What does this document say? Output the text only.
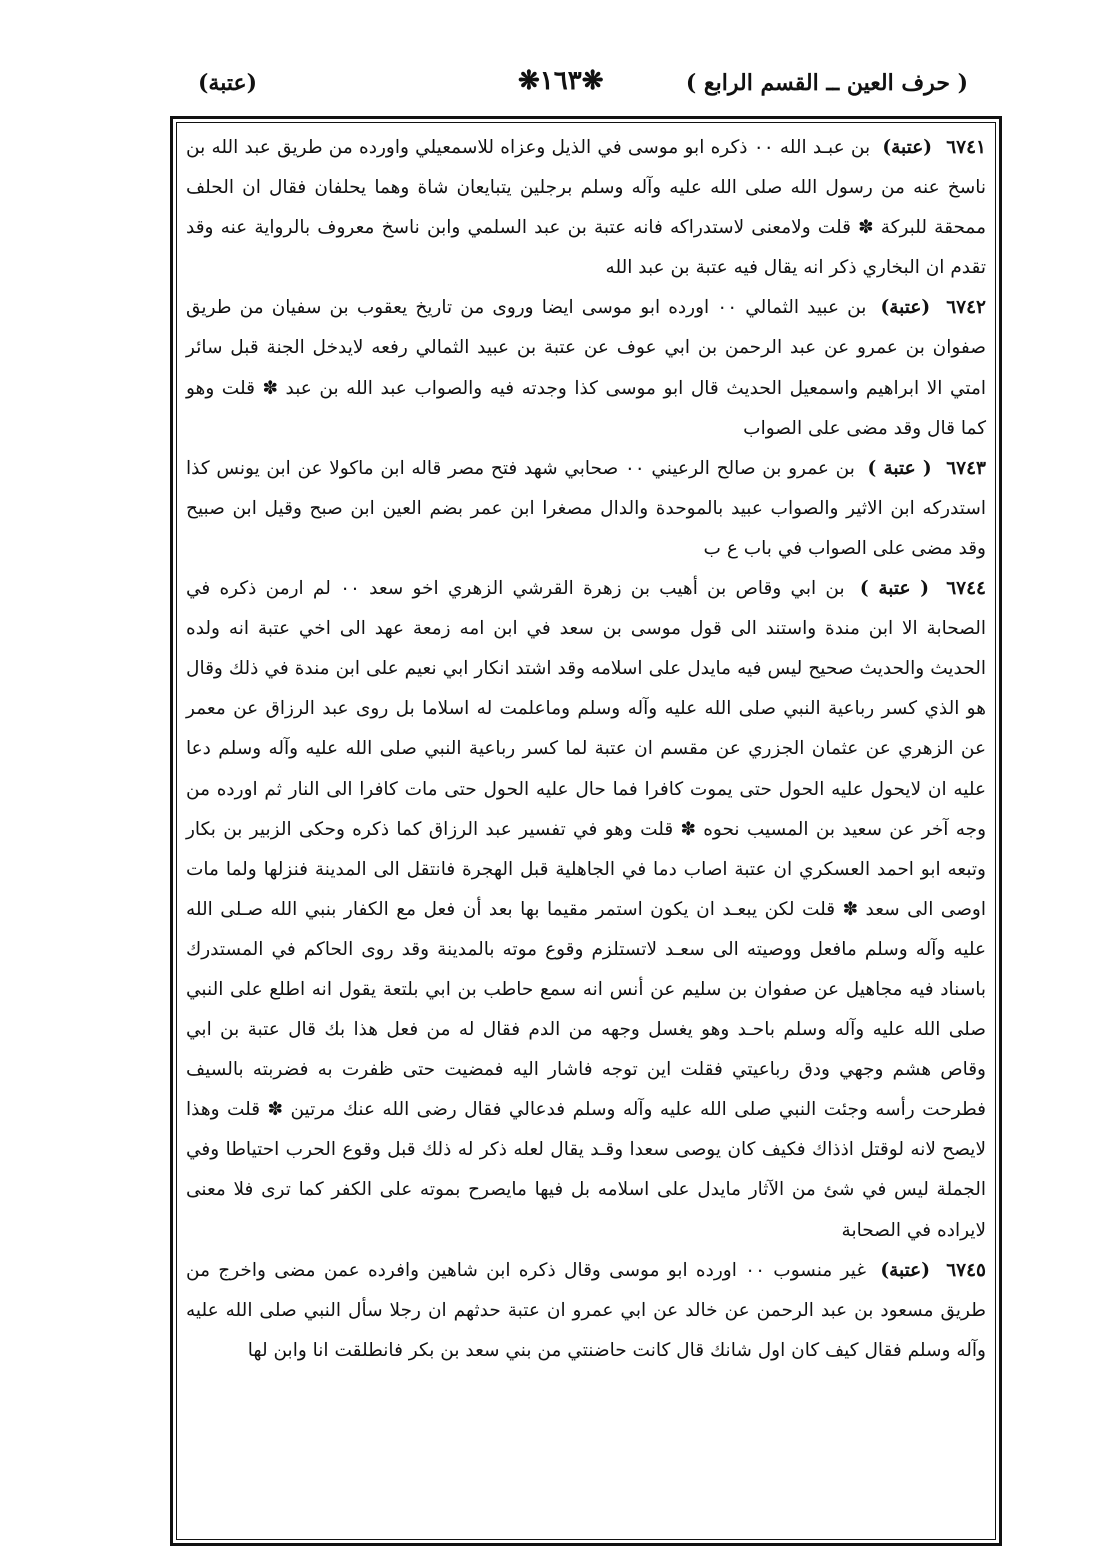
( حرف العين ــ القسم الرابع )
❋١٦٣❋
(عتبة)

٦٧٤١ (عتبة) بن عبـد الله ٠٠ ذكره ابو موسى في الذيل وعزاه للاسمعيلي واورده من طريق عبد الله بن ناسخ عنه من رسول الله صلى الله عليه وآله وسلم برجلين يتبايعان شاة وهما يحلفان فقال ان الحلف ممحقة للبركة ✽ قلت ولامعنى لاستدراكه فانه عتبة بن عبد السلمي وابن ناسخ معروف بالرواية عنه وقد تقدم ان البخاري ذكر انه يقال فيه عتبة بن عبد الله

٦٧٤٢ (عتبة) بن عبيد الثمالي ٠٠ اورده ابو موسى ايضا وروى من تاريخ يعقوب بن سفيان من طريق صفوان بن عمرو عن عبد الرحمن بن ابي عوف عن عتبة بن عبيد الثمالي رفعه لايدخل الجنة قبل سائر امتي الا ابراهيم واسمعيل الحديث قال ابو موسى كذا وجدته فيه والصواب عبد الله بن عبد ✽ قلت وهو كما قال وقد مضى على الصواب

٦٧٤٣ ( عتبة ) بن عمرو بن صالح الرعيني ٠٠ صحابي شهد فتح مصر قاله ابن ماكولا عن ابن يونس كذا استدركه ابن الاثير والصواب عبيد بالموحدة والدال مصغرا ابن عمر بضم العين ابن صبح وقيل ابن صبيح وقد مضى على الصواب في باب ع ب

٦٧٤٤ ( عتبة ) بن ابي وقاص بن أهيب بن زهرة القرشي الزهري اخو سعد ٠٠ لم ارمن ذكره في الصحابة الا ابن مندة واستند الى قول موسى بن سعد في ابن امه زمعة عهد الى اخي عتبة انه ولده الحديث والحديث صحيح ليس فيه مايدل على اسلامه وقد اشتد انكار ابي نعيم على ابن مندة في ذلك وقال هو الذي كسر رباعية النبي صلى الله عليه وآله وسلم وماعلمت له اسلاما بل روى عبد الرزاق عن معمر عن الزهري عن عثمان الجزري عن مقسم ان عتبة لما كسر رباعية النبي صلى الله عليه وآله وسلم دعا عليه ان لايحول عليه الحول حتى يموت كافرا فما حال عليه الحول حتى مات كافرا الى النار ثم اورده من وجه آخر عن سعيد بن المسيب نحوه ✽ قلت وهو في تفسير عبد الرزاق كما ذكره وحكى الزبير بن بكار وتبعه ابو احمد العسكري ان عتبة اصاب دما في الجاهلية قبل الهجرة فانتقل الى المدينة فنزلها ولما مات اوصى الى سعد ✽ قلت لكن يبعـد ان يكون استمر مقيما بها بعد أن فعل مع الكفار بنبي الله صـلى الله عليه وآله وسلم مافعل ووصيته الى سعـد لاتستلزم وقوع موته بالمدينة وقد روى الحاكم في المستدرك باسناد فيه مجاهيل عن صفوان بن سليم عن أنس انه سمع حاطب بن ابي بلتعة يقول انه اطلع على النبي صلى الله عليه وآله وسلم باحـد وهو يغسل وجهه من الدم فقال له من فعل هذا بك قال عتبة بن ابي وقاص هشم وجهي ودق رباعيتي فقلت اين توجه فاشار اليه فمضيت حتى ظفرت به فضربته بالسيف فطرحت رأسه وجئت النبي صلى الله عليه وآله وسلم فدعالي فقال رضى الله عنك مرتين ✽ قلت وهذا لايصح لانه لوقتل اذذاك فكيف كان يوصى سعدا وقـد يقال لعله ذكر له ذلك قبل وقوع الحرب احتياطا وفي الجملة ليس في شئ من الآثار مايدل على اسلامه بل فيها مايصرح بموته على الكفر كما ترى فلا معنى لايراده في الصحابة

٦٧٤٥ (عتبة) غير منسوب ٠٠ اورده ابو موسى وقال ذكره ابن شاهين وافرده عمن مضى واخرج من طريق مسعود بن عبد الرحمن عن خالد عن ابي عمرو ان عتبة حدثهم ان رجلا سأل النبي صلى الله عليه وآله وسلم فقال كيف كان اول شانك قال كانت حاضنتي من بني سعد بن بكر فانطلقت انا وابن لها
